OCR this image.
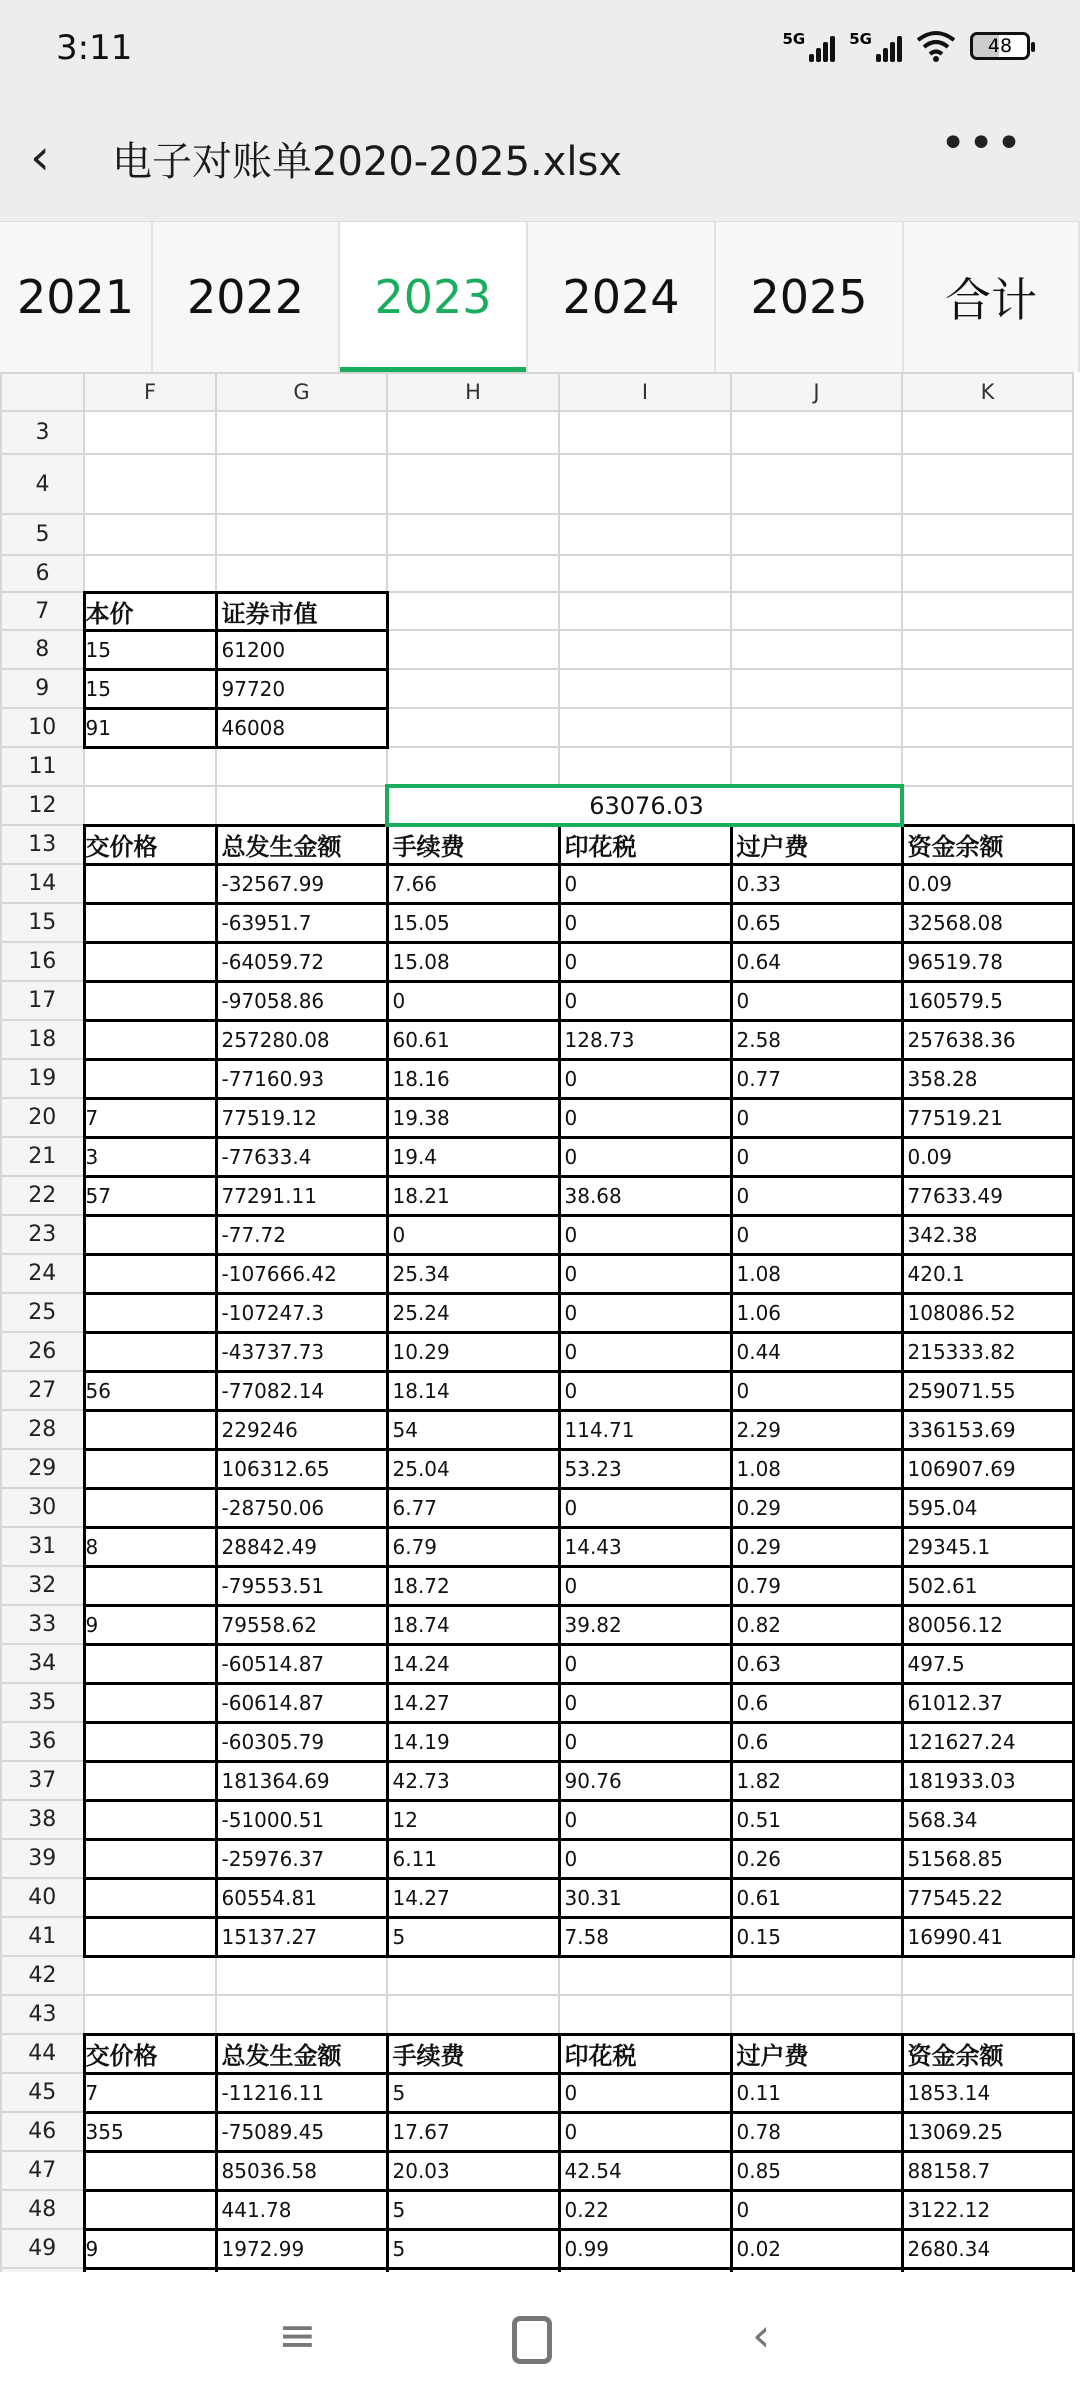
3:11	5G	5G	48
‹ 电子对账单2020-2025.xlsx	•••
2021	2022	2023	2024	2025	合计
	F	G	H	I	J	K
3						
4						
5						
6						
7	本价	证券市值				
8	15	61200				
9	15	97720				
10	91	46008				
11						
12			63076.03			
13	交价格	总发生金额	手续费	印花税	过户费	资金余额
14		-32567.99	7.66	0	0.33	0.09
15		-63951.7	15.05	0	0.65	32568.08
16		-64059.72	15.08	0	0.64	96519.78
17		-97058.86	0	0	0	160579.5
18		257280.08	60.61	128.73	2.58	257638.36
19		-77160.93	18.16	0	0.77	358.28
20	7	77519.12	19.38	0	0	77519.21
21	3	-77633.4	19.4	0	0	0.09
22	57	77291.11	18.21	38.68	0	77633.49
23		-77.72	0	0	0	342.38
24		-107666.42	25.34	0	1.08	420.1
25		-107247.3	25.24	0	1.06	108086.52
26		-43737.73	10.29	0	0.44	215333.82
27	56	-77082.14	18.14	0	0	259071.55
28		229246	54	114.71	2.29	336153.69
29		106312.65	25.04	53.23	1.08	106907.69
30		-28750.06	6.77	0	0.29	595.04
31	8	28842.49	6.79	14.43	0.29	29345.1
32		-79553.51	18.72	0	0.79	502.61
33	9	79558.62	18.74	39.82	0.82	80056.12
34		-60514.87	14.24	0	0.63	497.5
35		-60614.87	14.27	0	0.6	61012.37
36		-60305.79	14.19	0	0.6	121627.24
37		181364.69	42.73	90.76	1.82	181933.03
38		-51000.51	12	0	0.51	568.34
39		-25976.37	6.11	0	0.26	51568.85
40		60554.81	14.27	30.31	0.61	77545.22
41		15137.27	5	7.58	0.15	16990.41
42						
43						
44	交价格	总发生金额	手续费	印花税	过户费	资金余额
45	7	-11216.11	5	0	0.11	1853.14
46	355	-75089.45	17.67	0	0.78	13069.25
47		85036.58	20.03	42.54	0.85	88158.7
48		441.78	5	0.22	0	3122.12
49	9	1972.99	5	0.99	0.02	2680.34

≡	‹
